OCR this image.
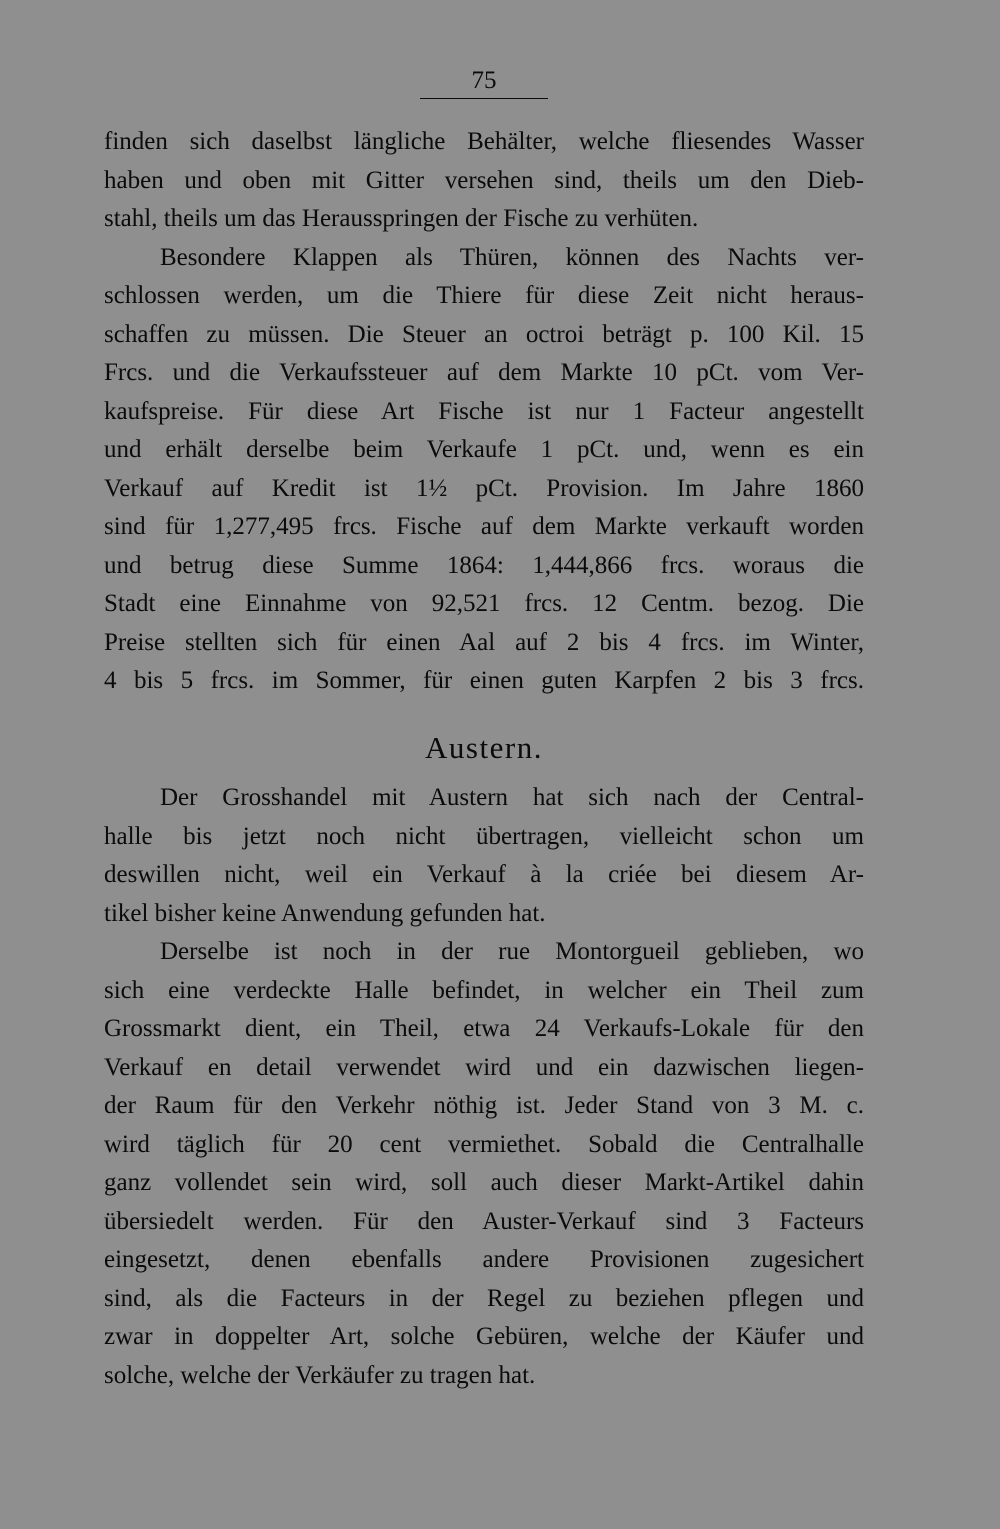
75
finden sich daselbst längliche Behälter, welche fliesendes Wasser
haben und oben mit Gitter versehen sind, theils um den Dieb-
stahl, theils um das Herausspringen der Fische zu verhüten.
Besondere Klappen als Thüren, können des Nachts ver-
schlossen werden, um die Thiere für diese Zeit nicht heraus-
schaffen zu müssen. Die Steuer an octroi beträgt p. 100 Kil. 15
Frcs. und die Verkaufssteuer auf dem Markte 10 pCt. vom Ver-
kaufspreise. Für diese Art Fische ist nur 1 Facteur angestellt
und erhält derselbe beim Verkaufe 1 pCt. und, wenn es ein
Verkauf auf Kredit ist 1½ pCt. Provision. Im Jahre 1860
sind für 1,277,495 frcs. Fische auf dem Markte verkauft worden
und betrug diese Summe 1864: 1,444,866 frcs. woraus die
Stadt eine Einnahme von 92,521 frcs. 12 Centm. bezog. Die
Preise stellten sich für einen Aal auf 2 bis 4 frcs. im Winter,
4 bis 5 frcs. im Sommer, für einen guten Karpfen 2 bis 3 frcs.
Austern.
Der Grosshandel mit Austern hat sich nach der Central-
halle bis jetzt noch nicht übertragen, vielleicht schon um
deswillen nicht, weil ein Verkauf à la criée bei diesem Ar-
tikel bisher keine Anwendung gefunden hat.
Derselbe ist noch in der rue Montorgueil geblieben, wo
sich eine verdeckte Halle befindet, in welcher ein Theil zum
Grossmarkt dient, ein Theil, etwa 24 Verkaufs-Lokale für den
Verkauf en detail verwendet wird und ein dazwischen liegen-
der Raum für den Verkehr nöthig ist. Jeder Stand von 3 M. c.
wird täglich für 20 cent vermiethet. Sobald die Centralhalle
ganz vollendet sein wird, soll auch dieser Markt-Artikel dahin
übersiedelt werden. Für den Auster-Verkauf sind 3 Facteurs
eingesetzt, denen ebenfalls andere Provisionen zugesichert
sind, als die Facteurs in der Regel zu beziehen pflegen und
zwar in doppelter Art, solche Gebüren, welche der Käufer und
solche, welche der Verkäufer zu tragen hat.
